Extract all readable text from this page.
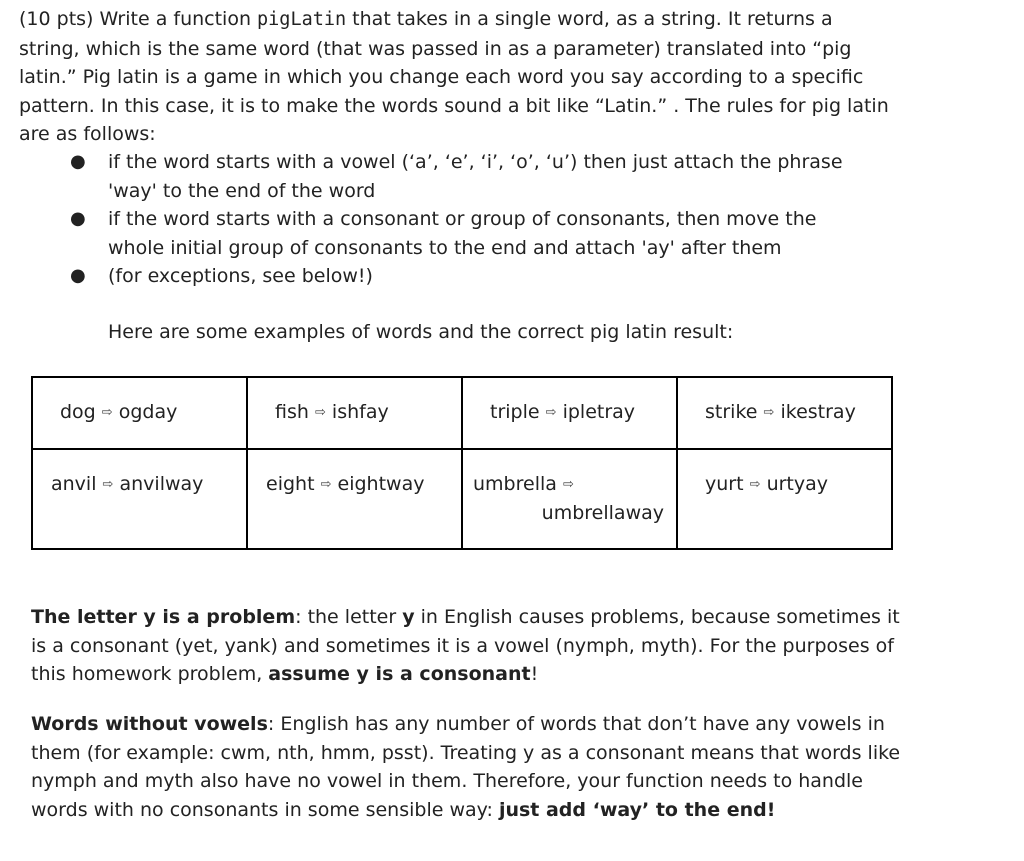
(10 pts) Write a function pigLatin that takes in a single word, as a string. It returns a string, which is the same word (that was passed in as a parameter) translated into “pig latin.” Pig latin is a game in which you change each word you say according to a specific pattern. In this case, it is to make the words sound a bit like “Latin.” . The rules for pig latin are as follows:

● if the word starts with a vowel (‘a’, ‘e’, ‘i’, ‘o’, ‘u’) then just attach the phrase 'way' to the end of the word
● if the word starts with a consonant or group of consonants, then move the whole initial group of consonants to the end and attach 'ay' after them
● (for exceptions, see below!)

Here are some examples of words and the correct pig latin result:

dog ⇨ ogday	fish ⇨ ishfay	triple ⇨ ipletray	strike ⇨ ikestray

anvil ⇨ anvilway	eight ⇨ eightway	umbrella ⇨
umbrellaway	yurt ⇨ urtyay

The letter y is a problem: the letter y in English causes problems, because sometimes it is a consonant (yet, yank) and sometimes it is a vowel (nymph, myth). For the purposes of this homework problem, assume y is a consonant!

Words without vowels: English has any number of words that don’t have any vowels in them (for example: cwm, nth, hmm, psst). Treating y as a consonant means that words like nymph and myth also have no vowel in them. Therefore, your function needs to handle words with no consonants in some sensible way: just add ‘way’ to the end!
